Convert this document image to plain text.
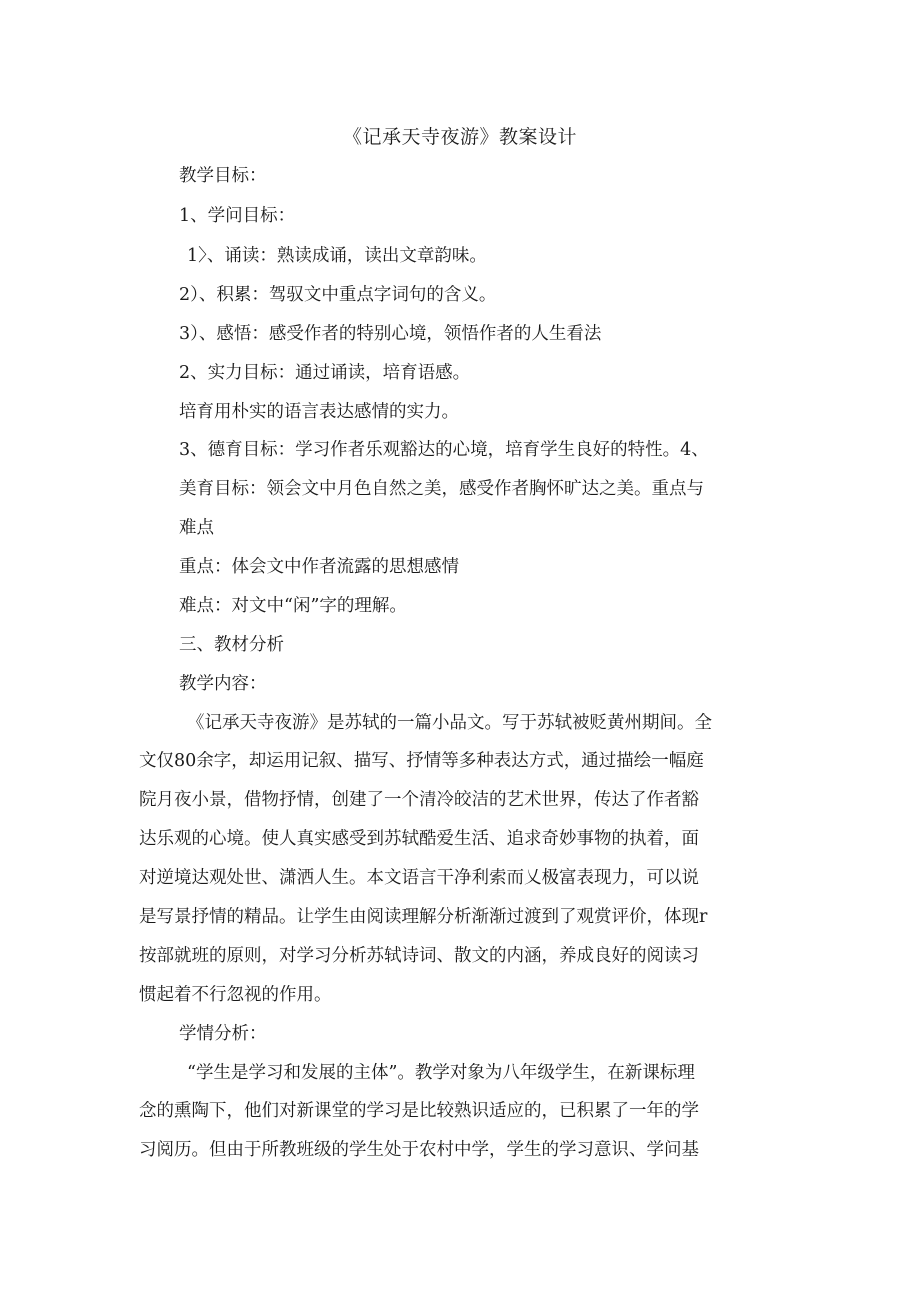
《记承天寺夜游》教案设计
教学目标：
1、学问目标：
1〉、诵读：熟读成诵，读出文章韵味。
2）、积累：驾驭文中重点字词句的含义。
3）、感悟：感受作者的特别心境，领悟作者的人生看法
2、实力目标：通过诵读，培育语感。
培育用朴实的语言表达感情的实力。
3、德育目标：学习作者乐观豁达的心境，培育学生良好的特性。4、
美育目标：领会文中月色自然之美，感受作者胸怀旷达之美。重点与
难点
重点：体会文中作者流露的思想感情
难点：对文中“闲”字的理解。
三、教材分析
教学内容：
《记承天寺夜游》是苏轼的一篇小品文。写于苏轼被贬黄州期间。全
文仅80余字，却运用记叙、描写、抒情等多种表达方式，通过描绘一幅庭
院月夜小景，借物抒情，创建了一个清冷皎洁的艺术世界，传达了作者豁
达乐观的心境。使人真实感受到苏轼酷爱生活、追求奇妙事物的执着，面
对逆境达观处世、潇洒人生。本文语言干净利索而乂极富表现力，可以说
是写景抒情的精品。让学生由阅读理解分析渐渐过渡到了观赏评价，体现r
按部就班的原则，对学习分析苏轼诗词、散文的内涵，养成良好的阅读习
惯起着不行忽视的作用。
学情分析：
“学生是学习和发展的主体”。教学对象为八年级学生，在新课标理
念的熏陶下，他们对新课堂的学习是比较熟识适应的，已积累了一年的学
习阅历。但由于所教班级的学生处于农村中学，学生的学习意识、学问基
